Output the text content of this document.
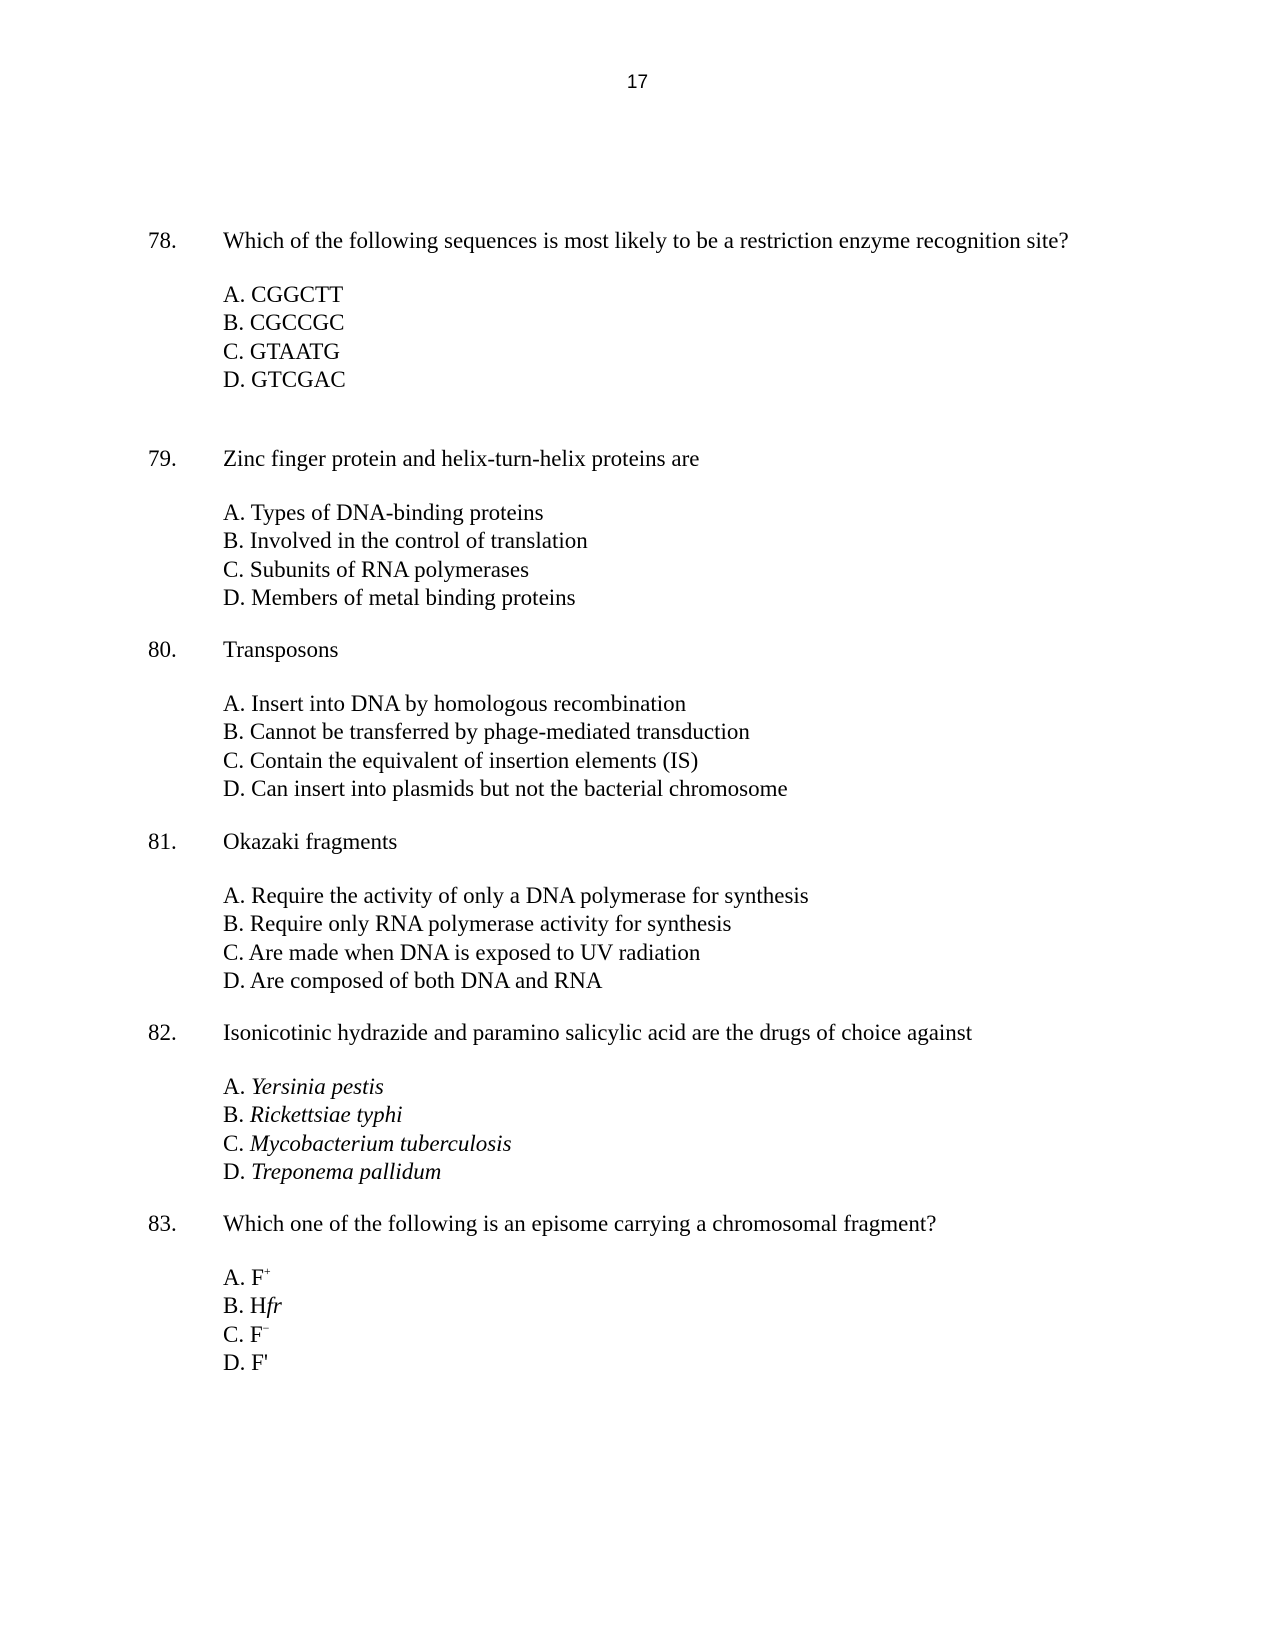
17
78. Which of the following sequences is most likely to be a restriction enzyme recognition site?
A. CGGCTT
B. CGCCGC
C. GTAATG
D. GTCGAC
79. Zinc finger protein and helix-turn-helix proteins are
A. Types of DNA-binding proteins
B. Involved in the control of translation
C. Subunits of RNA polymerases
D. Members of metal binding proteins
80. Transposons
A. Insert into DNA by homologous recombination
B. Cannot be transferred by phage-mediated transduction
C. Contain the equivalent of insertion elements (IS)
D. Can insert into plasmids but not the bacterial chromosome
81. Okazaki fragments
A. Require the activity of only a DNA polymerase for synthesis
B. Require only RNA polymerase activity for synthesis
C. Are made when DNA is exposed to UV radiation
D. Are composed of both DNA and RNA
82. Isonicotinic hydrazide and paramino salicylic acid are the drugs of choice against
A. Yersinia pestis
B. Rickettsiae typhi
C. Mycobacterium tuberculosis
D. Treponema pallidum
83. Which one of the following is an episome carrying a chromosomal fragment?
A. F+
B. Hfr
C. F−
D. F'
